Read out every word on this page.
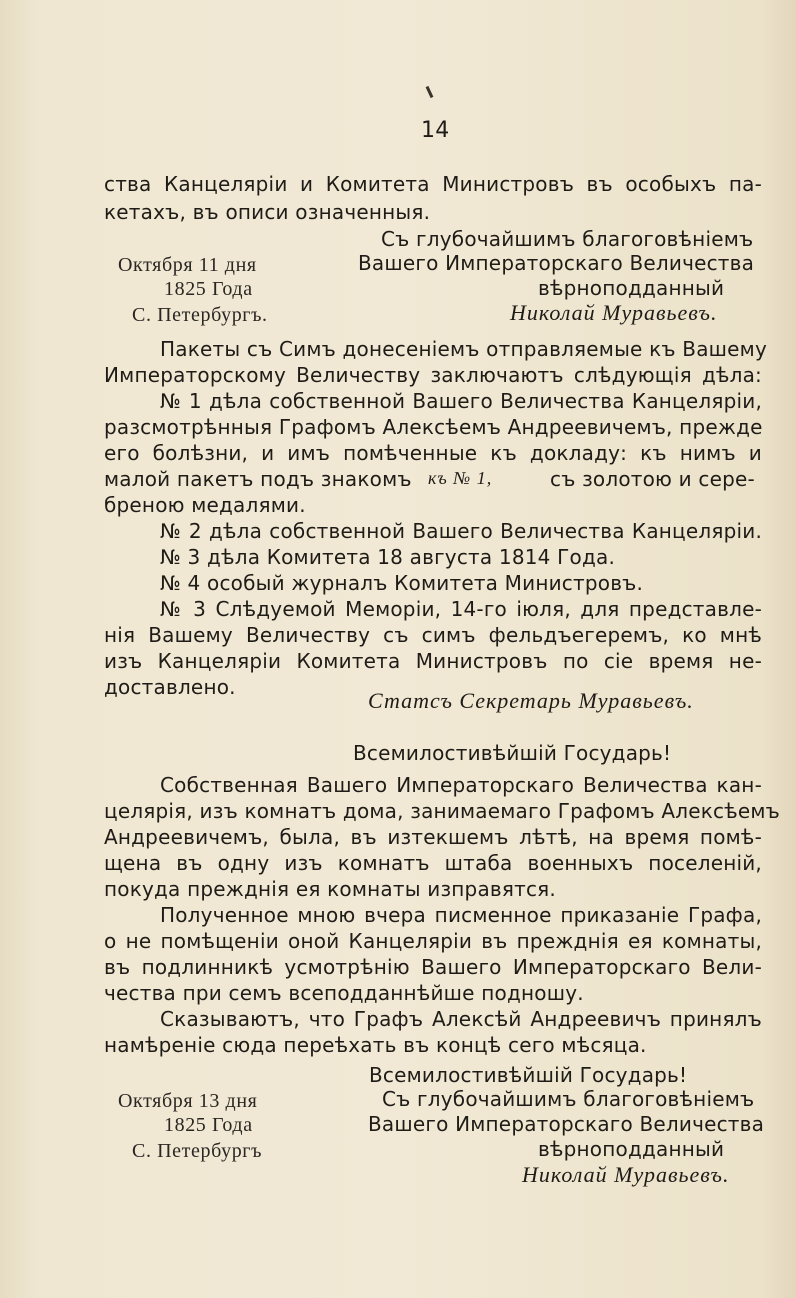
14
ства Канцеляріи и Комитета Министровъ въ особыхъ па-
кетахъ, въ описи означенныя.
Съ глубочайшимъ благоговѣніемъ
Октября 11 дня	Вашего Императорскаго Величества
1825 Года	вѣрноподданный
С. Петербургъ.	Николай Муравьевъ.
Пакеты съ Симъ донесеніемъ отправляемые къ Вашему
Императорскому Величеству заключаютъ слѣдующія дѣла:
№ 1 дѣла собственной Вашего Величества Канцеляріи,
разсмотрѣнныя Графомъ Алексѣемъ Андреевичемъ, прежде
его болѣзни, и имъ помѣченные къ докладу: къ нимъ и
малой пакетъ подъ знакомъ къ № 1,	съ золотою и сере-
бреною медалями.
№ 2 дѣла собственной Вашего Величества Канцеляріи.
№ 3 дѣла Комитета 18 августа 1814 Года.
№ 4 особый журналъ Комитета Министровъ.
№ 3 Слѣдуемой Меморіи, 14-го іюля, для представле-
нія Вашему Величеству съ симъ фельдъегеремъ, ко мнѣ
изъ Канцеляріи Комитета Министровъ по сіе время не-
доставлено.
Статсъ Секретарь Муравьевъ.
Всемилостивѣйшій Государь!
Собственная Вашего Императорскаго Величества кан-
целярія, изъ комнатъ дома, занимаемаго Графомъ Алексѣемъ
Андреевичемъ, была, въ изтекшемъ лѣтѣ, на время помѣ-
щена въ одну изъ комнатъ штаба военныхъ поселеній,
покуда прежднія ея комнаты изправятся.
Полученное мною вчера писменное приказаніе Графа,
о не помѣщеніи оной Канцеляріи въ прежднія ея комнаты,
въ подлинникѣ усмотрѣнію Вашего Императорскаго Вели-
чества при семъ всеподданнѣйше подношу.
Сказываютъ, что Графъ Алексѣй Андреевичъ принялъ
намѣреніе сюда переѣхать въ концѣ сего мѣсяца.
Всемилостивѣйшій Государь!
Октября 13 дня	Съ глубочайшимъ благоговѣніемъ
1825 Года	Вашего Императорскаго Величества
С. Петербургъ	вѣрноподданный
Николай Муравьевъ.
